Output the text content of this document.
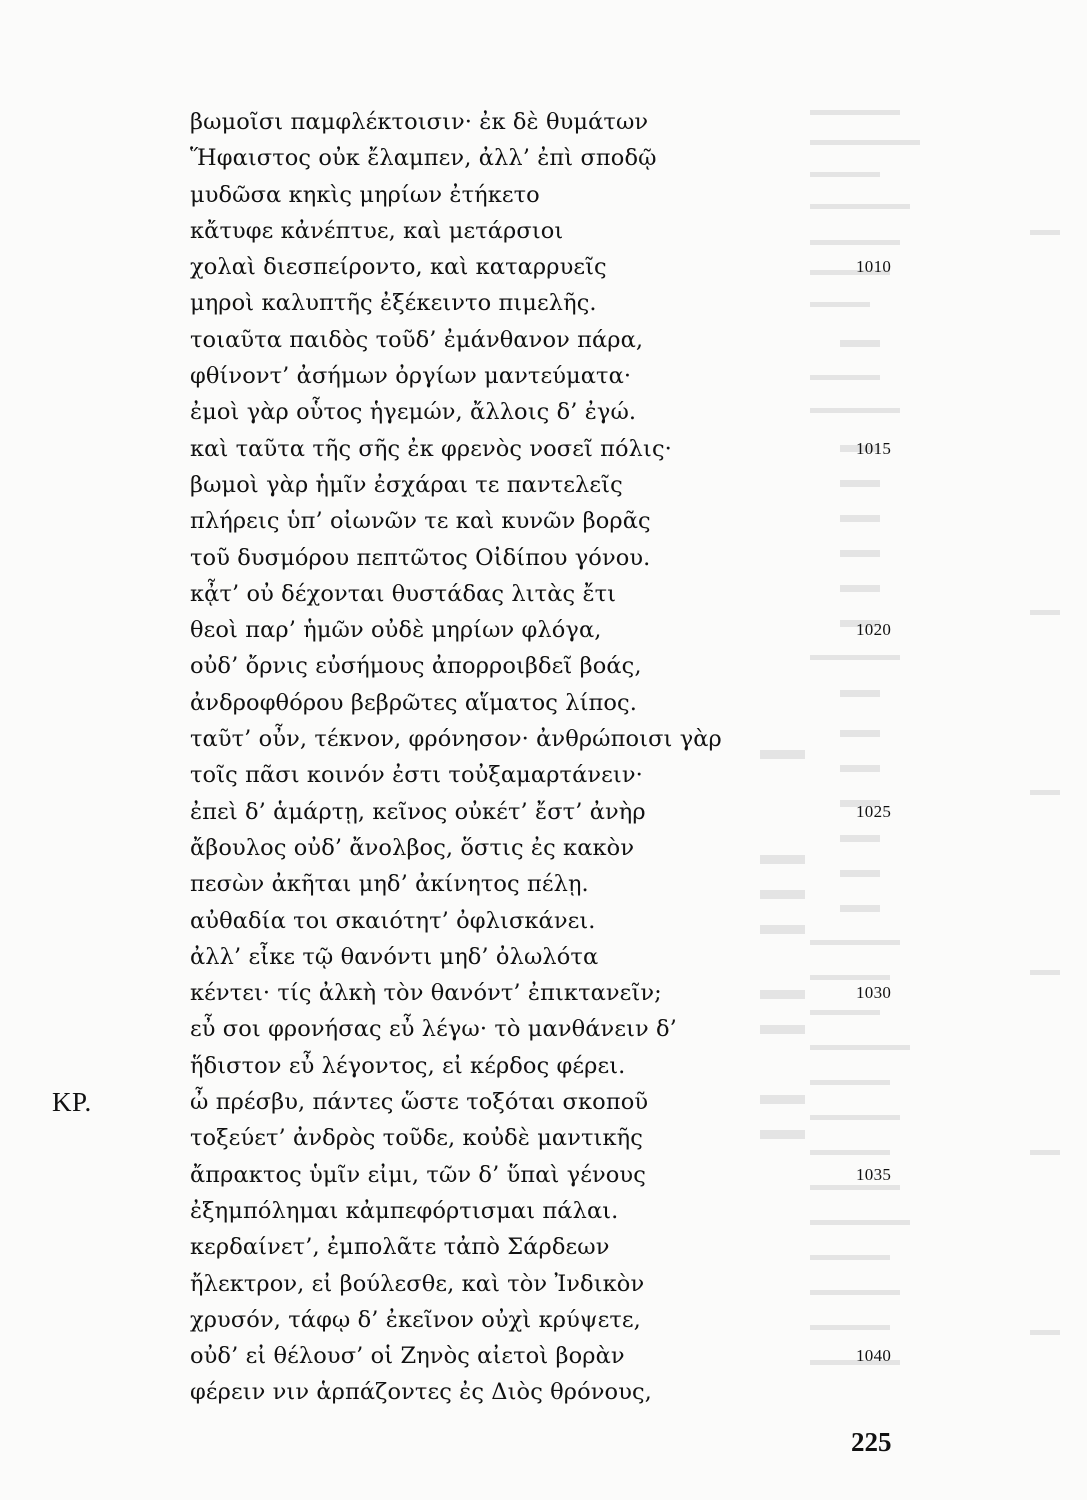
βωμοῖσι παμφλέκτοισιν· ἐκ δὲ θυμάτων
Ἥφαιστος οὐκ ἔλαμπεν, ἀλλ’ ἐπὶ σποδῷ
μυδῶσα κηκὶς μηρίων ἐτήκετο
κἄτυφε κἀνέπτυε, καὶ μετάρσιοι
χολαὶ διεσπείροντο, καὶ καταρρυεῖς	1010
μηροὶ καλυπτῆς ἐξέκειντο πιμελῆς.
τοιαῦτα παιδὸς τοῦδ’ ἐμάνθανον πάρα,
φθίνοντ’ ἀσήμων ὀργίων μαντεύματα·
ἐμοὶ γὰρ οὗτος ἡγεμών, ἄλλοις δ’ ἐγώ.
καὶ ταῦτα τῆς σῆς ἐκ φρενὸς νοσεῖ πόλις·	1015
βωμοὶ γὰρ ἡμῖν ἐσχάραι τε παντελεῖς
πλήρεις ὑπ’ οἰωνῶν τε καὶ κυνῶν βορᾶς
τοῦ δυσμόρου πεπτῶτος Οἰδίπου γόνου.
κᾆτ’ οὐ δέχονται θυστάδας λιτὰς ἔτι
θεοὶ παρ’ ἡμῶν οὐδὲ μηρίων φλόγα,	1020
οὐδ’ ὄρνις εὐσήμους ἀπορροιβδεῖ βοάς,
ἀνδροφθόρου βεβρῶτες αἵματος λίπος.
ταῦτ’ οὖν, τέκνον, φρόνησον· ἀνθρώποισι γὰρ
τοῖς πᾶσι κοινόν ἐστι τοὐξαμαρτάνειν·
ἐπεὶ δ’ ἁμάρτῃ, κεῖνος οὐκέτ’ ἔστ’ ἀνὴρ	1025
ἄβουλος οὐδ’ ἄνολβος, ὅστις ἐς κακὸν
πεσὼν ἀκῆται μηδ’ ἀκίνητος πέλῃ.
αὐθαδία τοι σκαιότητ’ ὀφλισκάνει.
ἀλλ’ εἶκε τῷ θανόντι μηδ’ ὀλωλότα
κέντει· τίς ἀλκὴ τὸν θανόντ’ ἐπικτανεῖν;	1030
εὖ σοι φρονήσας εὖ λέγω· τὸ μανθάνειν δ’
ἥδιστον εὖ λέγοντος, εἰ κέρδος φέρει.
ΚΡ.	ὦ πρέσβυ, πάντες ὥστε τοξόται σκοποῦ
τοξεύετ’ ἀνδρὸς τοῦδε, κοὐδὲ μαντικῆς
ἄπρακτος ὑμῖν εἰμι, τῶν δ’ ὕπαὶ γένους	1035
ἐξημπόλημαι κἀμπεφόρτισμαι πάλαι.
κερδαίνετ’, ἐμπολᾶτε τἀπὸ Σάρδεων
ἤλεκτρον, εἰ βούλεσθε, καὶ τὸν Ἰνδικὸν
χρυσόν, τάφῳ δ’ ἐκεῖνον οὐχὶ κρύψετε,
οὐδ’ εἰ θέλουσ’ οἱ Ζηνὸς αἰετοὶ βορὰν	1040
φέρειν νιν ἁρπάζοντες ἐς Διὸς θρόνους,
225
